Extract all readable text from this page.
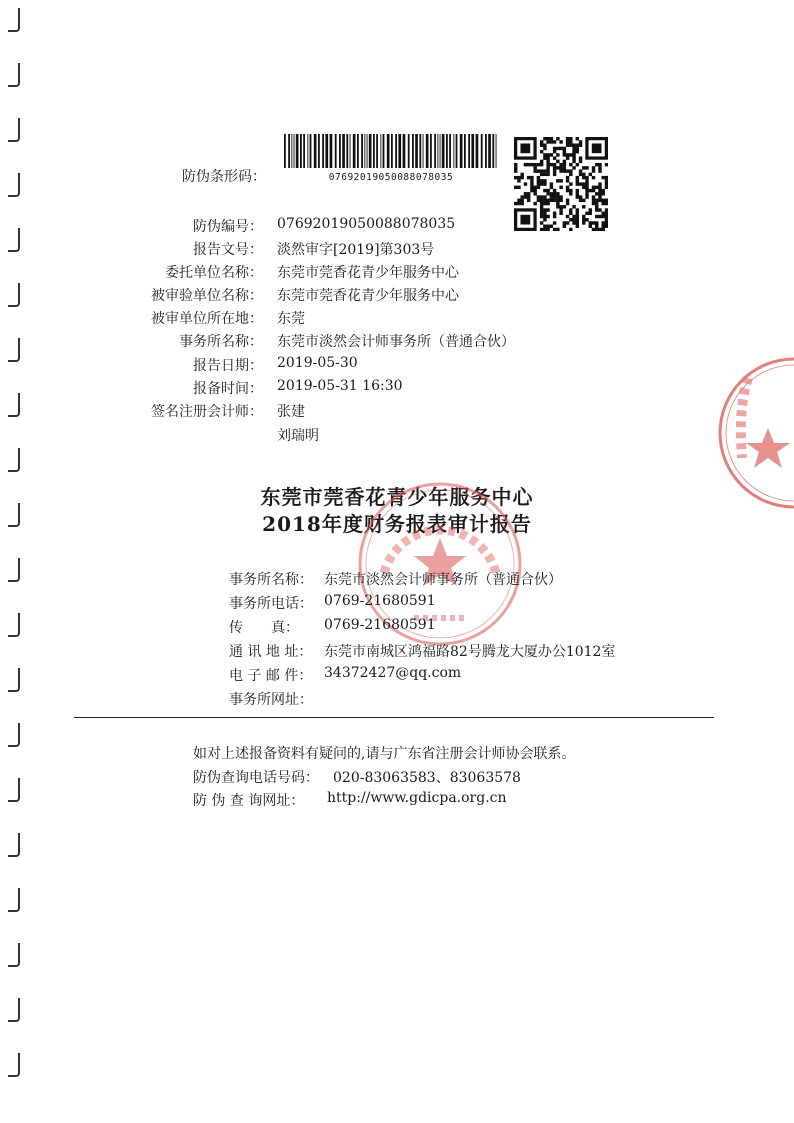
防伪条形码：	07692019050088078035
防伪编号： 07692019050088078035
报告文号： 淡然审字[2019]第303号
委托单位名称： 东莞市莞香花青少年服务中心
被审验单位名称： 东莞市莞香花青少年服务中心
被审单位所在地： 东莞
事务所名称： 东莞市淡然会计师事务所（普通合伙）
报告日期： 2019-05-30
报备时间： 2019-05-31 16:30
签名注册会计师： 张建
刘瑞明
东莞市莞香花青少年服务中心
2018年度财务报表审计报告
事务所名称： 东莞市淡然会计师事务所（普通合伙）
事务所电话： 0769-21680591
传　　真： 0769-21680591
通 讯 地 址： 东莞市南城区鸿福路82号腾龙大厦办公1012室
电 子 邮 件： 34372427@qq.com
事务所网址：
如对上述报备资料有疑问的,请与广东省注册会计师协会联系。
防伪查询电话号码： 020-83063583、83063578
防 伪 查 询网址： http://www.gdicpa.org.cn
